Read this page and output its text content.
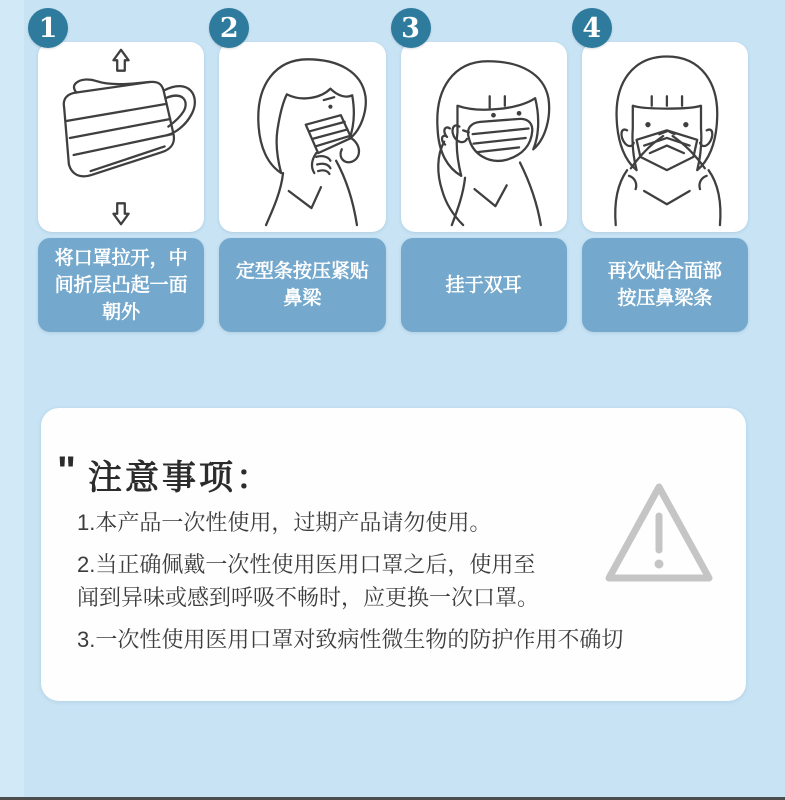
1
将口罩拉开，中
间折层凸起一面
朝外
2
定型条按压紧贴
鼻梁
3
挂于双耳
4
再次贴合面部
按压鼻梁条
" 注意事项：
1.本产品一次性使用，过期产品请勿使用。
2.当正确佩戴一次性使用医用口罩之后，使用至
闻到异味或感到呼吸不畅时，应更换一次口罩。
3.一次性使用医用口罩对致病性微生物的防护作用不确切
